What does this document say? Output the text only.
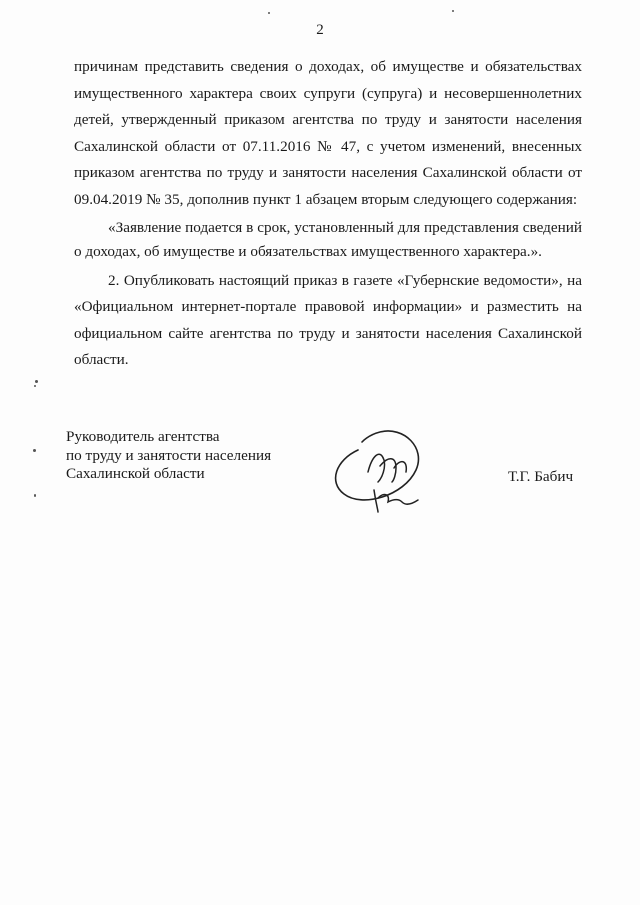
2

причинам представить сведения о доходах, об имуществе и обязательствах имущественного характера своих супруги (супруга) и несовершеннолетних детей, утвержденный приказом агентства по труду и занятости населения Сахалинской области от 07.11.2016 № 47, с учетом изменений, внесенных приказом агентства по труду и занятости населения Сахалинской области от 09.04.2019 № 35, дополнив пункт 1 абзацем вторым следующего содержания:

«Заявление подается в срок, установленный для представления сведений о доходах, об имуществе и обязательствах имущественного характера.».

2. Опубликовать настоящий приказ в газете «Губернские ведомости», на «Официальном интернет-портале правовой информации» и разместить на официальном сайте агентства по труду и занятости населения Сахалинской области.

Руководитель агентства
по труду и занятости населения
Сахалинской области	Т.Г. Бабич
